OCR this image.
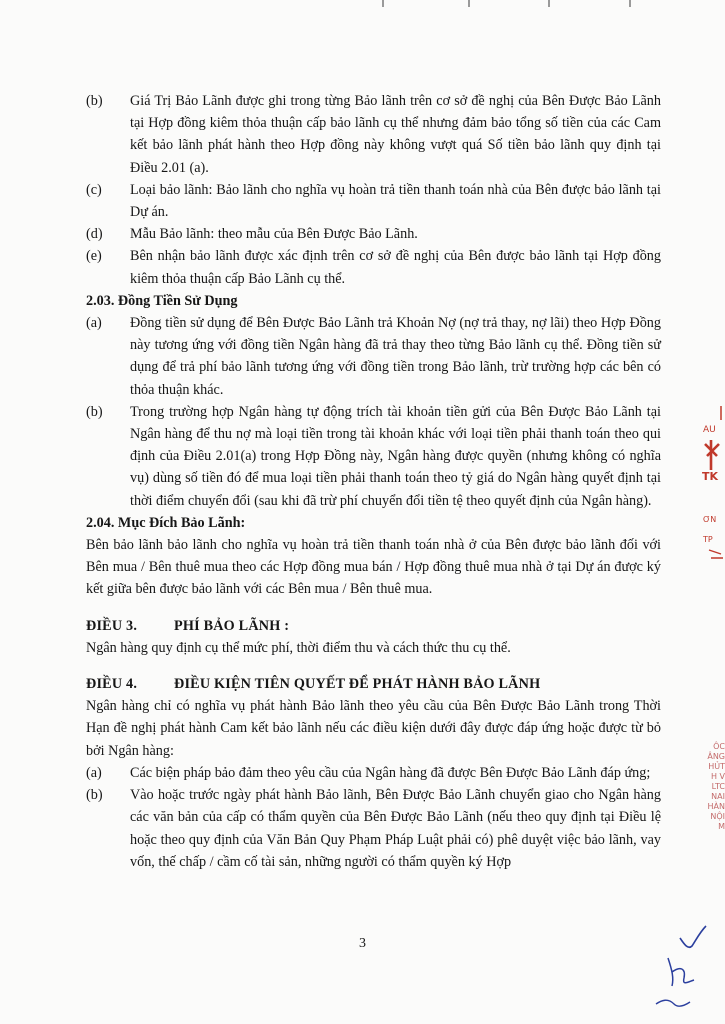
(b) Giá Trị Bảo Lãnh được ghi trong từng Bảo lãnh trên cơ sở đề nghị của Bên Được Bảo Lãnh tại Hợp đồng kiêm thỏa thuận cấp bảo lãnh cụ thể nhưng đảm bảo tổng số tiền của các Cam kết bảo lãnh phát hành theo Hợp đồng này không vượt quá Số tiền bảo lãnh quy định tại Điều 2.01 (a).
(c) Loại bảo lãnh: Bảo lãnh cho nghĩa vụ hoàn trả tiền thanh toán nhà của Bên được bảo lãnh tại Dự án.
(d) Mẫu Bảo lãnh: theo mẫu của Bên Được Bảo Lãnh.
(e) Bên nhận bảo lãnh được xác định trên cơ sở đề nghị của Bên được bảo lãnh tại Hợp đồng kiêm thỏa thuận cấp Bảo Lãnh cụ thể.

2.03. Đồng Tiền Sử Dụng

(a) Đồng tiền sử dụng để Bên Được Bảo Lãnh trả Khoản Nợ (nợ trả thay, nợ lãi) theo Hợp Đồng này tương ứng với đồng tiền Ngân hàng đã trả thay theo từng Bảo lãnh cụ thể. Đồng tiền sử dụng để trả phí bảo lãnh tương ứng với đồng tiền trong Bảo lãnh, trừ trường hợp các bên có thỏa thuận khác.
(b) Trong trường hợp Ngân hàng tự động trích tài khoản tiền gửi của Bên Được Bảo Lãnh tại Ngân hàng để thu nợ mà loại tiền trong tài khoản khác với loại tiền phải thanh toán theo qui định của Điều 2.01(a) trong Hợp Đồng này, Ngân hàng được quyền (nhưng không có nghĩa vụ) dùng số tiền đó để mua loại tiền phải thanh toán theo tỷ giá do Ngân hàng quyết định tại thời điểm chuyển đổi (sau khi đã trừ phí chuyển đổi tiền tệ theo quyết định của Ngân hàng).

2.04. Mục Đích Bảo Lãnh:

Bên bảo lãnh bảo lãnh cho nghĩa vụ hoàn trả tiền thanh toán nhà ở của Bên được bảo lãnh đối với Bên mua / Bên thuê mua theo các Hợp đồng mua bán / Hợp đồng thuê mua nhà ở tại Dự án được ký kết giữa bên được bảo lãnh với các Bên mua / Bên thuê mua.

ĐIỀU 3.	PHÍ BẢO LÃNH :

Ngân hàng quy định cụ thể mức phí, thời điểm thu và cách thức thu cụ thể.

ĐIỀU 4.	ĐIỀU KIỆN TIÊN QUYẾT ĐỂ PHÁT HÀNH BẢO LÃNH

Ngân hàng chỉ có nghĩa vụ phát hành Bảo lãnh theo yêu cầu của Bên Được Bảo Lãnh trong Thời Hạn đề nghị phát hành Cam kết bảo lãnh nếu các điều kiện dưới đây được đáp ứng hoặc được từ bỏ bởi Ngân hàng:

(a) Các biện pháp bảo đảm theo yêu cầu của Ngân hàng đã được Bên Được Bảo Lãnh đáp ứng;
(b) Vào hoặc trước ngày phát hành Bảo lãnh, Bên Được Bảo Lãnh chuyển giao cho Ngân hàng các văn bản của cấp có thẩm quyền của Bên Được Bảo Lãnh (nếu theo quy định tại Điều lệ hoặc theo quy định của Văn Bản Quy Phạm Pháp Luật phải có) phê duyệt việc bảo lãnh, vay vốn, thế chấp / cầm cố tài sản, những người có thẩm quyền ký Hợp
3
AU
TK
ƠN
TP
ÔC
ÂNG
HỦT
H V
LTC
NAI
HÀN
NỘI
M
